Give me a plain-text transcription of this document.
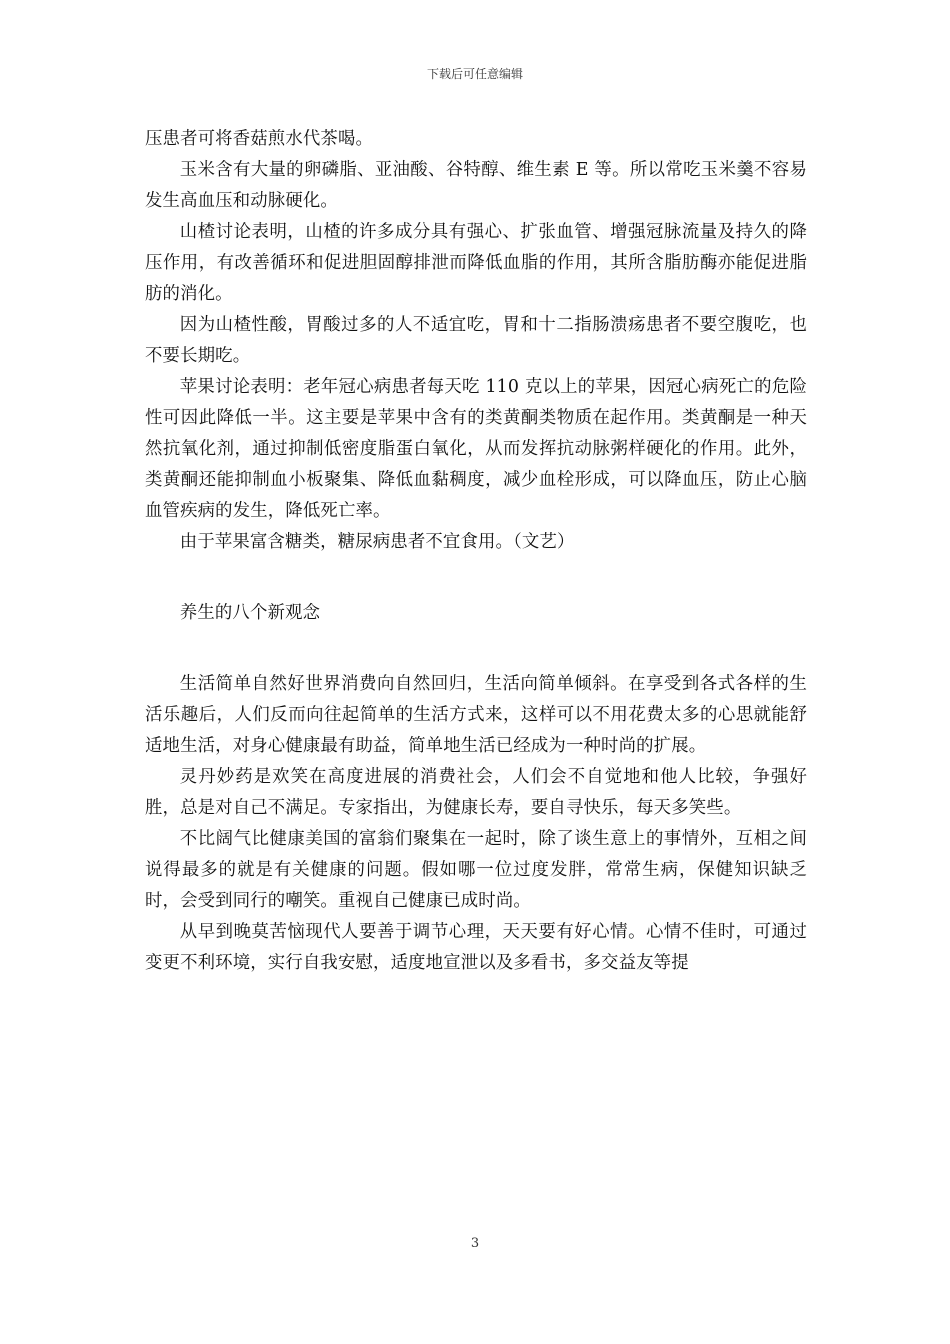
下载后可任意编辑

压患者可将香菇煎水代茶喝。

玉米含有大量的卵磷脂、亚油酸、谷特醇、维生素 E 等。所以常吃玉米羹不容易发生高血压和动脉硬化。

山楂讨论表明，山楂的许多成分具有强心、扩张血管、增强冠脉流量及持久的降压作用，有改善循环和促进胆固醇排泄而降低血脂的作用，其所含脂肪酶亦能促进脂肪的消化。

因为山楂性酸，胃酸过多的人不适宜吃，胃和十二指肠溃疡患者不要空腹吃，也不要长期吃。

苹果讨论表明：老年冠心病患者每天吃 110 克以上的苹果，因冠心病死亡的危险性可因此降低一半。这主要是苹果中含有的类黄酮类物质在起作用。类黄酮是一种天然抗氧化剂，通过抑制低密度脂蛋白氧化，从而发挥抗动脉粥样硬化的作用。此外，类黄酮还能抑制血小板聚集、降低血黏稠度，减少血栓形成，可以降血压，防止心脑血管疾病的发生，降低死亡率。

由于苹果富含糖类，糖尿病患者不宜食用。（文艺）

养生的八个新观念

生活简单自然好世界消费向自然回归，生活向简单倾斜。在享受到各式各样的生活乐趣后，人们反而向往起简单的生活方式来，这样可以不用花费太多的心思就能舒适地生活，对身心健康最有助益，简单地生活已经成为一种时尚的扩展。

灵丹妙药是欢笑在高度进展的消费社会，人们会不自觉地和他人比较，争强好胜，总是对自己不满足。专家指出，为健康长寿，要自寻快乐，每天多笑些。

不比阔气比健康美国的富翁们聚集在一起时，除了谈生意上的事情外，互相之间说得最多的就是有关健康的问题。假如哪一位过度发胖，常常生病，保健知识缺乏时，会受到同行的嘲笑。重视自己健康已成时尚。

从早到晚莫苦恼现代人要善于调节心理，天天要有好心情。心情不佳时，可通过变更不利环境，实行自我安慰，适度地宣泄以及多看书，多交益友等提

3
